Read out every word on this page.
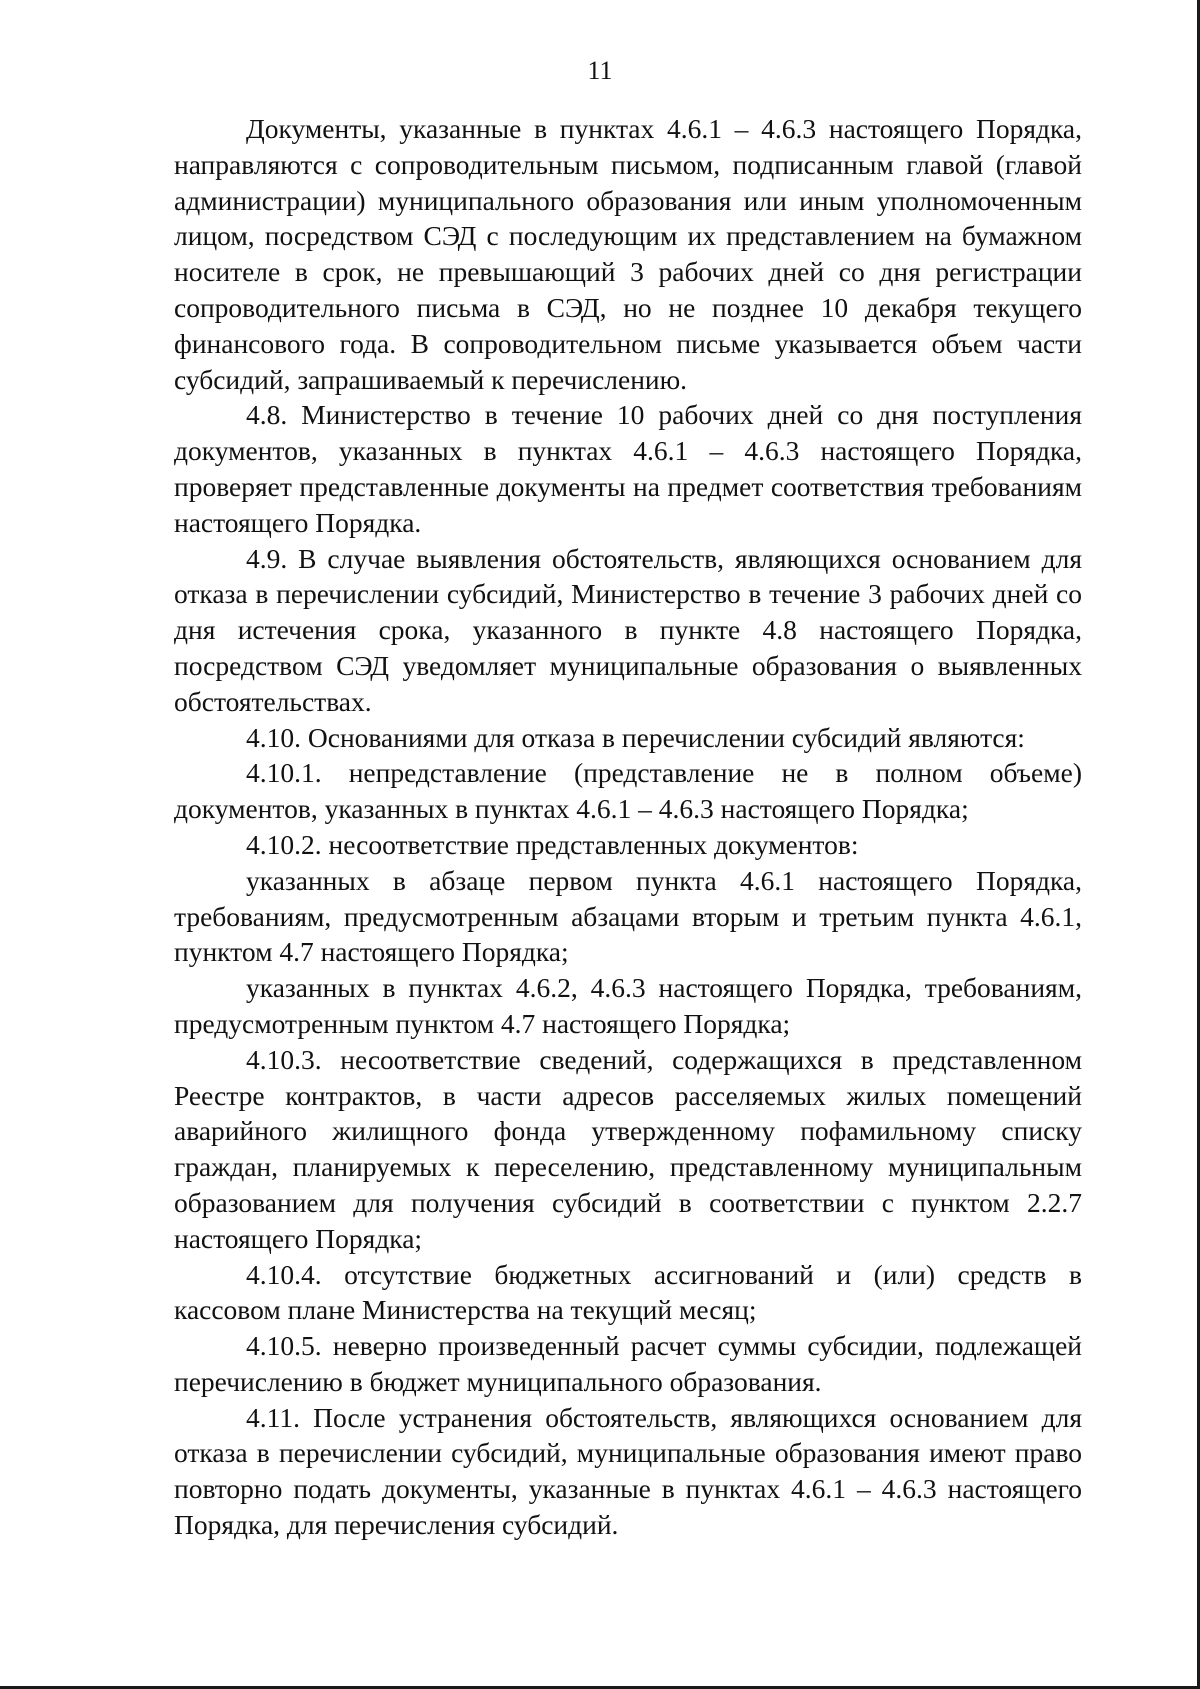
11

Документы, указанные в пунктах 4.6.1 – 4.6.3 настоящего Порядка, направляются с сопроводительным письмом, подписанным главой (главой администрации) муниципального образования или иным уполномоченным лицом, посредством СЭД с последующим их представлением на бумажном носителе в срок, не превышающий 3 рабочих дней со дня регистрации сопроводительного письма в СЭД, но не позднее 10 декабря текущего финансового года. В сопроводительном письме указывается объем части субсидий, запрашиваемый к перечислению.

4.8. Министерство в течение 10 рабочих дней со дня поступления документов, указанных в пунктах 4.6.1 – 4.6.3 настоящего Порядка, проверяет представленные документы на предмет соответствия требованиям настоящего Порядка.

4.9. В случае выявления обстоятельств, являющихся основанием для отказа в перечислении субсидий, Министерство в течение 3 рабочих дней со дня истечения срока, указанного в пункте 4.8 настоящего Порядка, посредством СЭД уведомляет муниципальные образования о выявленных обстоятельствах.

4.10. Основаниями для отказа в перечислении субсидий являются:

4.10.1. непредставление (представление не в полном объеме) документов, указанных в пунктах 4.6.1 – 4.6.3 настоящего Порядка;

4.10.2. несоответствие представленных документов:

указанных в абзаце первом пункта 4.6.1 настоящего Порядка, требованиям, предусмотренным абзацами вторым и третьим пункта 4.6.1, пунктом 4.7 настоящего Порядка;

указанных в пунктах 4.6.2, 4.6.3 настоящего Порядка, требованиям, предусмотренным пунктом 4.7 настоящего Порядка;

4.10.3. несоответствие сведений, содержащихся в представленном Реестре контрактов, в части адресов расселяемых жилых помещений аварийного жилищного фонда утвержденному пофамильному списку граждан, планируемых к переселению, представленному муниципальным образованием для получения субсидий в соответствии с пунктом 2.2.7 настоящего Порядка;

4.10.4. отсутствие бюджетных ассигнований и (или) средств в кассовом плане Министерства на текущий месяц;

4.10.5. неверно произведенный расчет суммы субсидии, подлежащей перечислению в бюджет муниципального образования.

4.11. После устранения обстоятельств, являющихся основанием для отказа в перечислении субсидий, муниципальные образования имеют право повторно подать документы, указанные в пунктах 4.6.1 – 4.6.3 настоящего Порядка, для перечисления субсидий.
